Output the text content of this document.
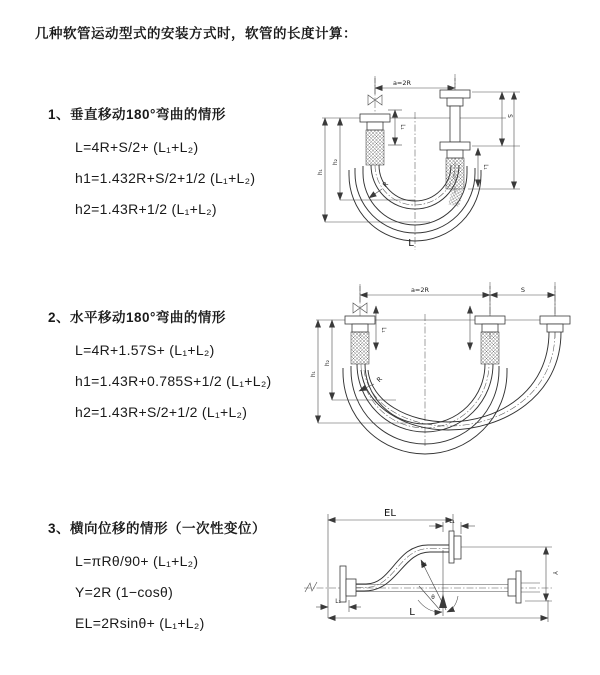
几种软管运动型式的安装方式时，软管的长度计算：
1、垂直移动180°弯曲的情形
L=4R+S/2+ (L₁+L₂)
h1=1.432R+S/2+1/2 (L₁+L₂)
h2=1.43R+1/2 (L₁+L₂)
2、水平移动180°弯曲的情形
L=4R+1.57S+ (L₁+L₂)
h1=1.43R+0.785S+1/2 (L₁+L₂)
h2=1.43R+S/2+1/2 (L₁+L₂)
3、横向位移的情形（一次性变位）
L=πRθ/90+ (L₁+L₂)
Y=2R (1−cosθ)
EL=2Rsinθ+ (L₁+L₂)
a=2R
S
L₁
L₁
h₁
h₂
R
L
a=2R	S
L₁
h₁
h₂
R
EL
L₁
Y
θ
R
L₁
L
